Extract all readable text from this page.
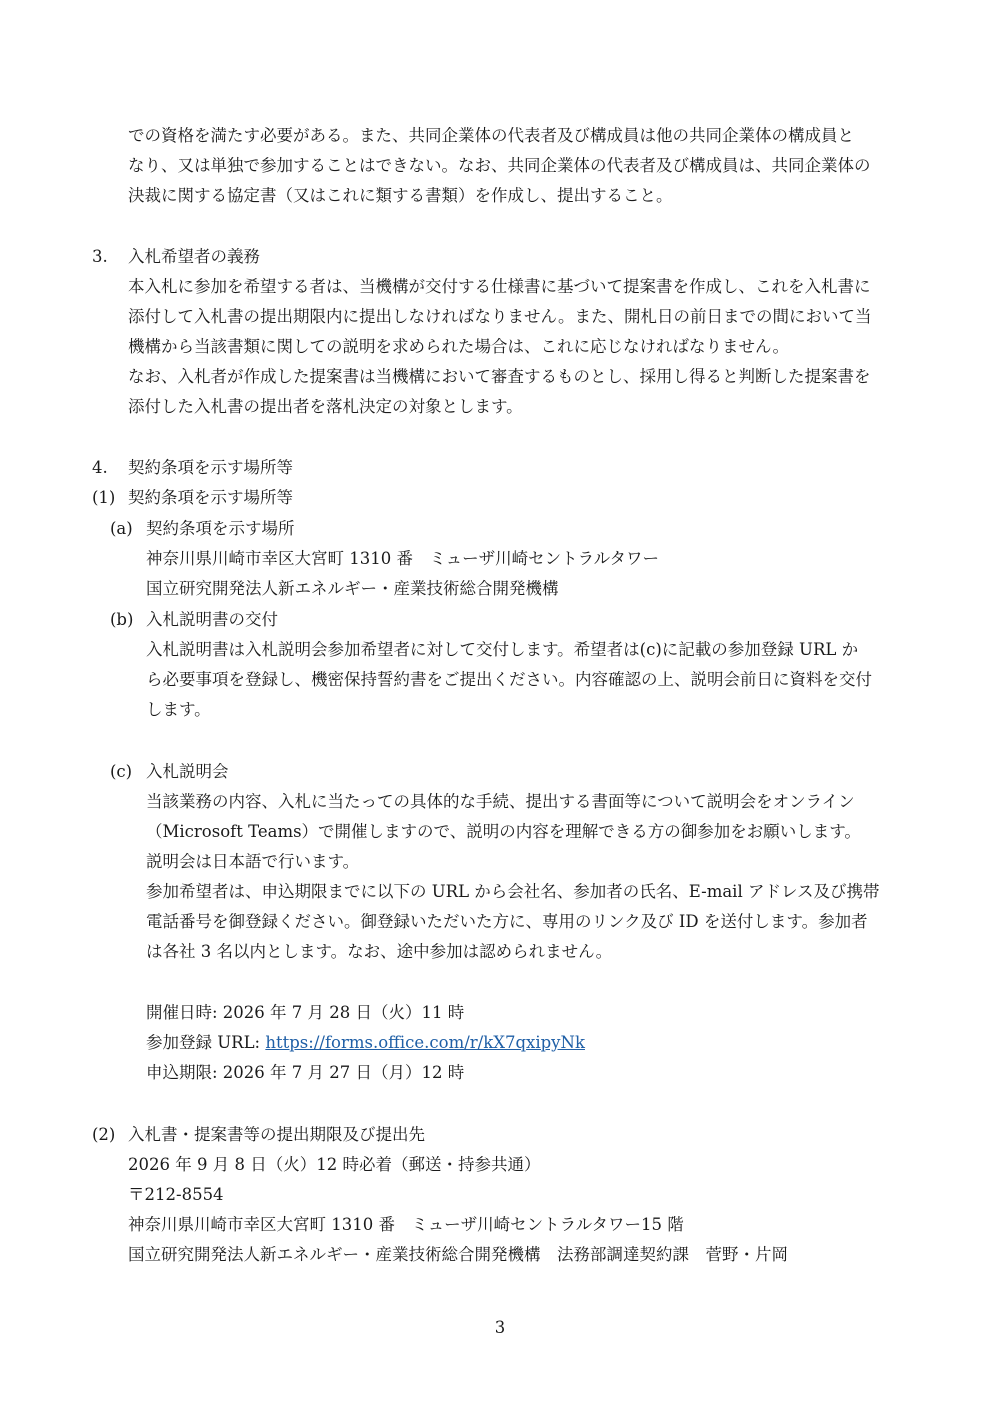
での資格を満たす必要がある。また、共同企業体の代表者及び構成員は他の共同企業体の構成員と
なり、又は単独で参加することはできない。なお、共同企業体の代表者及び構成員は、共同企業体の
決裁に関する協定書（又はこれに類する書類）を作成し、提出すること。
3. 入札希望者の義務
本入札に参加を希望する者は、当機構が交付する仕様書に基づいて提案書を作成し、これを入札書に
添付して入札書の提出期限内に提出しなければなりません。また、開札日の前日までの間において当
機構から当該書類に関しての説明を求められた場合は、これに応じなければなりません。
なお、入札者が作成した提案書は当機構において審査するものとし、採用し得ると判断した提案書を
添付した入札書の提出者を落札決定の対象とします。
4. 契約条項を示す場所等
(1) 契約条項を示す場所等
(a) 契約条項を示す場所
神奈川県川崎市幸区大宮町 1310 番　ミューザ川崎セントラルタワー
国立研究開発法人新エネルギー・産業技術総合開発機構
(b) 入札説明書の交付
入札説明書は入札説明会参加希望者に対して交付します。希望者は(c)に記載の参加登録 URL か
ら必要事項を登録し、機密保持誓約書をご提出ください。内容確認の上、説明会前日に資料を交付
します。
(c) 入札説明会
当該業務の内容、入札に当たっての具体的な手続、提出する書面等について説明会をオンライン
（Microsoft Teams）で開催しますので、説明の内容を理解できる方の御参加をお願いします。
説明会は日本語で行います。
参加希望者は、申込期限までに以下の URL から会社名、参加者の氏名、E-mail アドレス及び携帯
電話番号を御登録ください。御登録いただいた方に、専用のリンク及び ID を送付します。参加者
は各社 3 名以内とします。なお、途中参加は認められません。
開催日時: 2026 年 7 月 28 日（火）11 時
参加登録 URL: https://forms.office.com/r/kX7qxipyNk
申込期限: 2026 年 7 月 27 日（月）12 時
(2) 入札書・提案書等の提出期限及び提出先
2026 年 9 月 8 日（火）12 時必着（郵送・持参共通）
〒212-8554
神奈川県川崎市幸区大宮町 1310 番　ミューザ川崎セントラルタワー15 階
国立研究開発法人新エネルギー・産業技術総合開発機構　法務部調達契約課　菅野・片岡
3
